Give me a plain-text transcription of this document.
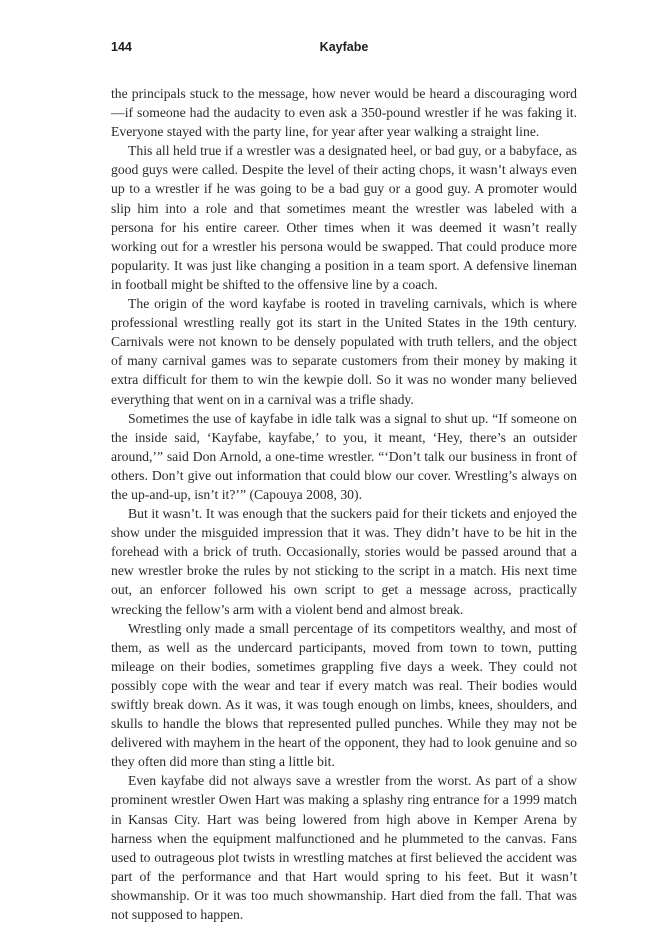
144	Kayfabe

the principals stuck to the message, how never would be heard a discouraging word—if someone had the audacity to even ask a 350-pound wrestler if he was faking it. Everyone stayed with the party line, for year after year walking a straight line.

This all held true if a wrestler was a designated heel, or bad guy, or a babyface, as good guys were called. Despite the level of their acting chops, it wasn’t always even up to a wrestler if he was going to be a bad guy or a good guy. A promoter would slip him into a role and that sometimes meant the wrestler was labeled with a persona for his entire career. Other times when it was deemed it wasn’t really working out for a wrestler his persona would be swapped. That could produce more popularity. It was just like changing a position in a team sport. A defensive lineman in football might be shifted to the offensive line by a coach.

The origin of the word kayfabe is rooted in traveling carnivals, which is where professional wrestling really got its start in the United States in the 19th century. Carnivals were not known to be densely populated with truth tellers, and the object of many carnival games was to separate customers from their money by making it extra difficult for them to win the kewpie doll. So it was no wonder many believed everything that went on in a carnival was a trifle shady.

Sometimes the use of kayfabe in idle talk was a signal to shut up. “If someone on the inside said, ‘Kayfabe, kayfabe,’ to you, it meant, ‘Hey, there’s an outsider around,’” said Don Arnold, a one-time wrestler. “‘Don’t talk our business in front of others. Don’t give out information that could blow our cover. Wrestling’s always on the up-and-up, isn’t it?’” (Capouya 2008, 30).

But it wasn’t. It was enough that the suckers paid for their tickets and enjoyed the show under the misguided impression that it was. They didn’t have to be hit in the forehead with a brick of truth. Occasionally, stories would be passed around that a new wrestler broke the rules by not sticking to the script in a match. His next time out, an enforcer followed his own script to get a message across, practically wrecking the fellow’s arm with a violent bend and almost break.

Wrestling only made a small percentage of its competitors wealthy, and most of them, as well as the undercard participants, moved from town to town, putting mileage on their bodies, sometimes grappling five days a week. They could not possibly cope with the wear and tear if every match was real. Their bodies would swiftly break down. As it was, it was tough enough on limbs, knees, shoulders, and skulls to handle the blows that represented pulled punches. While they may not be delivered with mayhem in the heart of the opponent, they had to look genuine and so they often did more than sting a little bit.

Even kayfabe did not always save a wrestler from the worst. As part of a show prominent wrestler Owen Hart was making a splashy ring entrance for a 1999 match in Kansas City. Hart was being lowered from high above in Kemper Arena by harness when the equipment malfunctioned and he plummeted to the canvas. Fans used to outrageous plot twists in wrestling matches at first believed the accident was part of the performance and that Hart would spring to his feet. But it wasn’t showmanship. Or it was too much showmanship. Hart died from the fall. That was not supposed to happen.
